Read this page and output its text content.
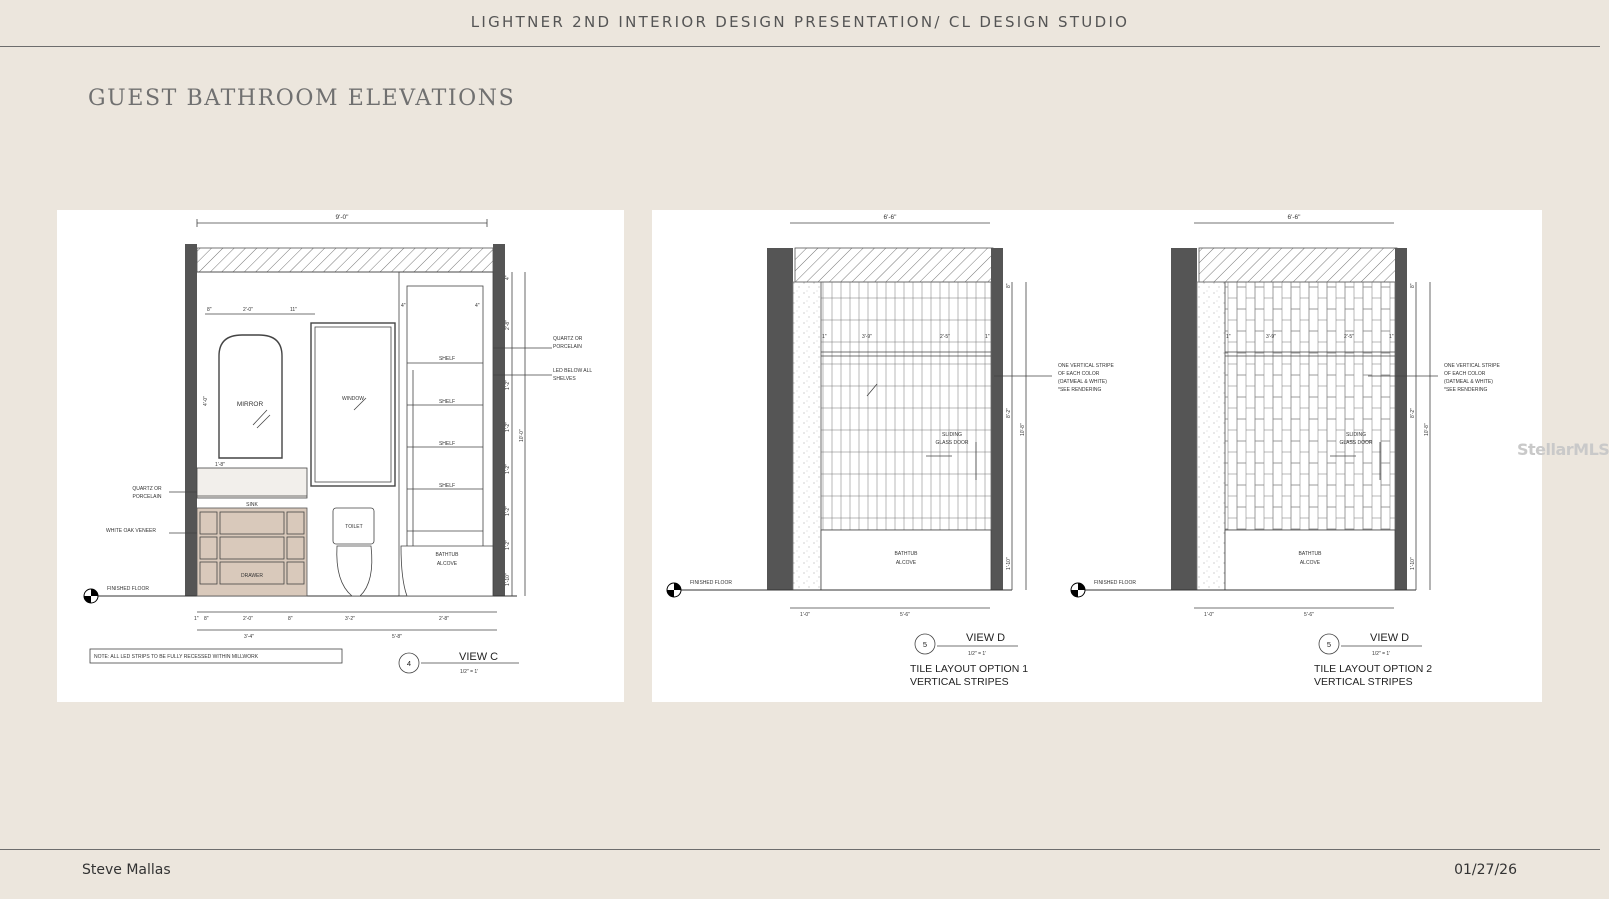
LIGHTNER 2ND INTERIOR DESIGN PRESENTATION/ CL DESIGN STUDIO
GUEST BATHROOM ELEVATIONS
9'-0"
8"	2'-0"	11"
4"	4"
MIRROR
WINDOW
SHELF
SHELF
SHELF
SHELF
SINK
DRAWER
TOILET
BATHTUB
ALCOVE
QUARTZ OR
PORCELAIN
WHITE OAK VENEER
FINISHED FLOOR
QUARTZ OR
PORCELAIN
LED BELOW ALL
SHELVES
4"
2'-8"
1'-2"
1'-2"
1'-2"
1'-2"
1'-2"
1'-10"
10'-0"
4'-0"
1'-8"
1" 8"	2'-0"	8"	3'-2"	2'-8"
3'-4"	5'-8"
NOTE: ALL LED STRIPS TO BE FULLY RECESSED WITHIN MILLWORK
4
VIEW C
1/2" = 1'
6'-6"
1"	3'-9"	2'-5"	1"
ONE VERTICAL STRIPE
OF EACH COLOR
(OATMEAL & WHITE)
*SEE RENDERING
SLIDING
GLASS DOOR
BATHTUB
ALCOVE
FINISHED FLOOR
8"
8'-2"
1'-10"
10'-8"
1'-0"	5'-6"
5
VIEW D
1/2" = 1'
TILE LAYOUT OPTION 1
VERTICAL STRIPES
6'-6"
1"	3'-9"	2'-5"	1"
ONE VERTICAL STRIPE
OF EACH COLOR
(OATMEAL & WHITE)
*SEE RENDERING
SLIDING
GLASS DOOR
BATHTUB
ALCOVE
FINISHED FLOOR
8"
8'-2"
1'-10"
10'-8"
1'-0"	5'-6"
5
VIEW D
1/2" = 1'
TILE LAYOUT OPTION 2
VERTICAL STRIPES
StellarMLS
Steve Mallas	01/27/26
